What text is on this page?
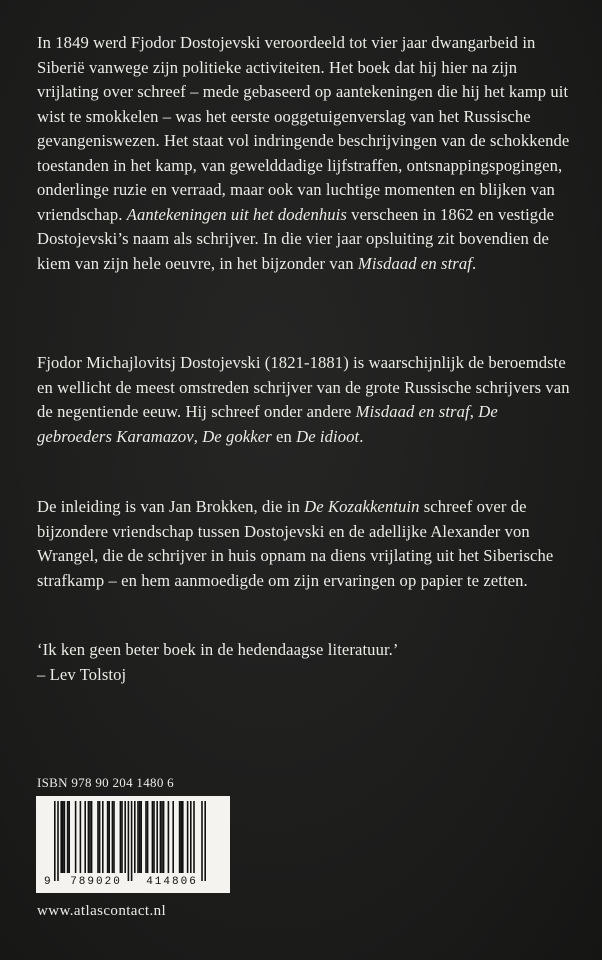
In 1849 werd Fjodor Dostojevski veroordeeld tot vier jaar dwangarbeid in Siberië vanwege zijn politieke activiteiten. Het boek dat hij hier na zijn vrijlating over schreef – mede gebaseerd op aantekeningen die hij het kamp uit wist te smokkelen – was het eerste ooggetuigenverslag van het Russische gevangeniswezen. Het staat vol indringende beschrijvingen van de schokkende toestanden in het kamp, van gewelddadige lijfstraffen, ontsnappingspogingen, onderlinge ruzie en verraad, maar ook van luchtige momenten en blijken van vriendschap. Aantekeningen uit het dodenhuis verscheen in 1862 en vestigde Dostojevski’s naam als schrijver. In die vier jaar opsluiting zit bovendien de kiem van zijn hele oeuvre, in het bijzonder van Misdaad en straf.

Fjodor Michajlovitsj Dostojevski (1821-1881) is waarschijnlijk de beroemdste en wellicht de meest omstreden schrijver van de grote Russische schrijvers van de negentiende eeuw. Hij schreef onder andere Misdaad en straf, De gebroeders Karamazov, De gokker en De idioot.

De inleiding is van Jan Brokken, die in De Kozakkentuin schreef over de bijzondere vriendschap tussen Dostojevski en de adellijke Alexander von Wrangel, die de schrijver in huis opnam na diens vrijlating uit het Siberische strafkamp – en hem aanmoedigde om zijn ervaringen op papier te zetten.

‘Ik ken geen beter boek in de hedendaagse literatuur.’
– Lev Tolstoj

ISBN 978 90 204 1480 6
9 789020 414806
www.atlascontact.nl
